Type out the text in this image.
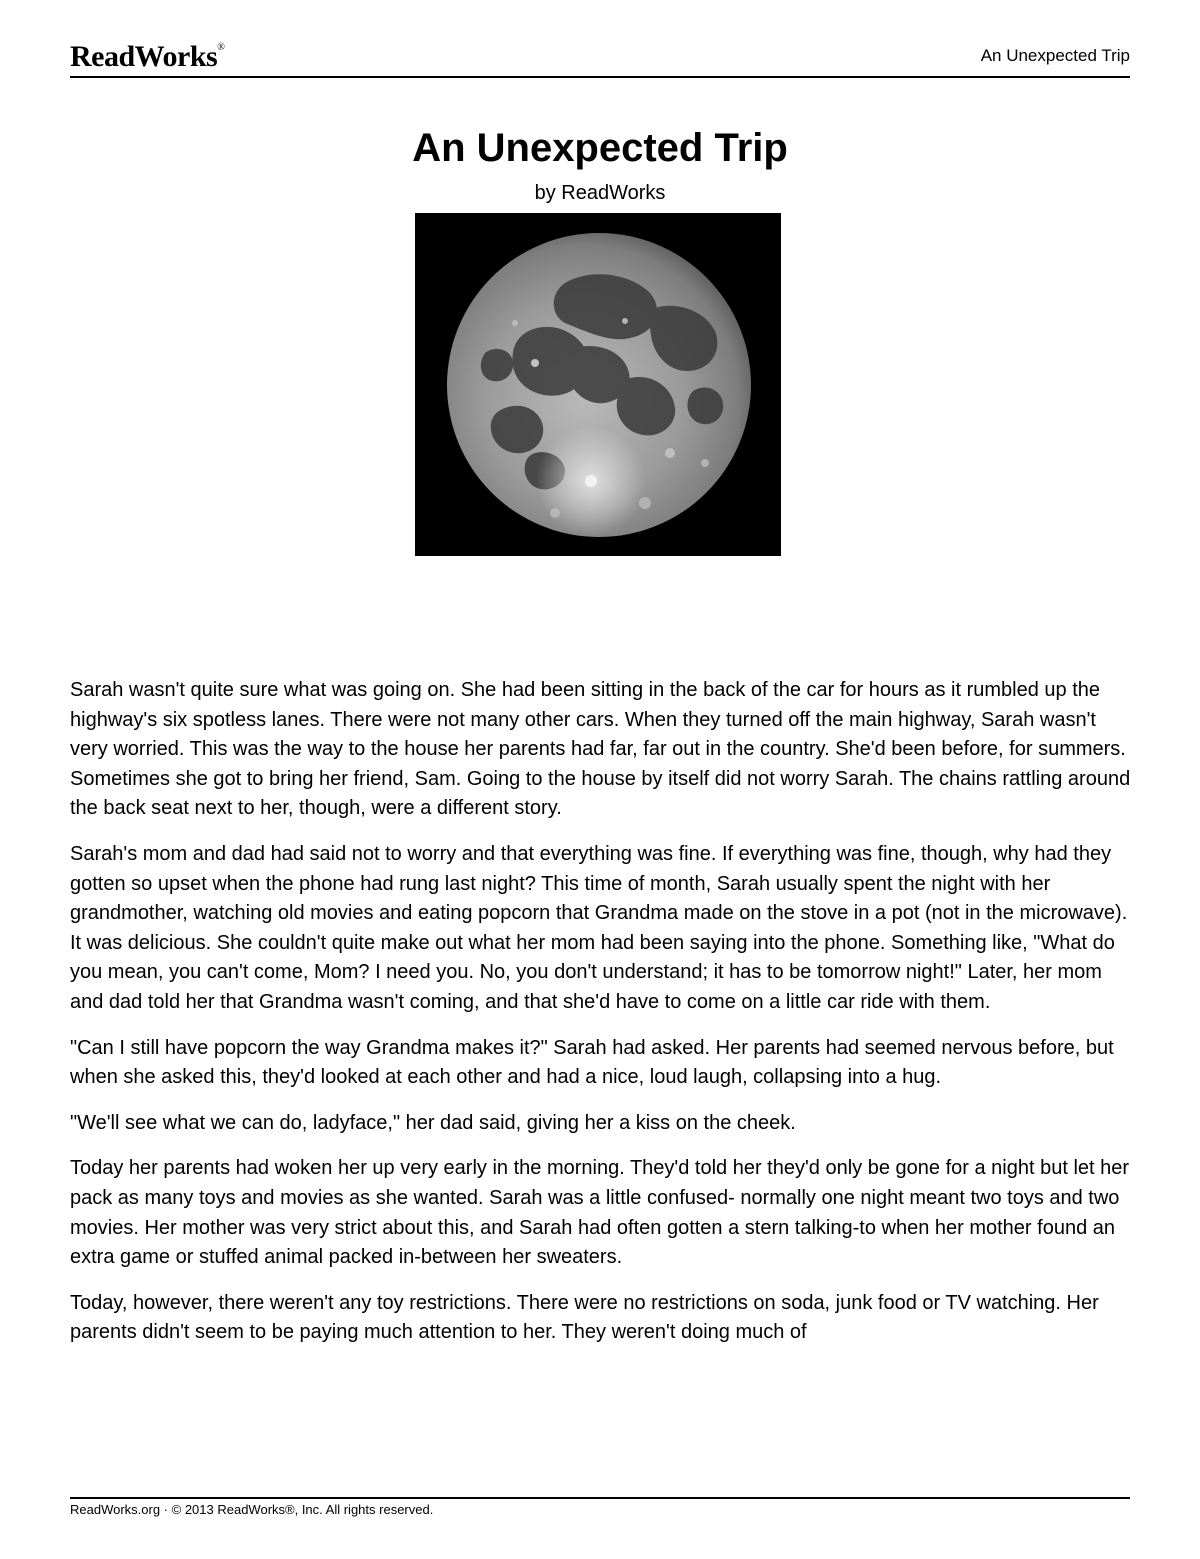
ReadWorks®	An Unexpected Trip
An Unexpected Trip
by ReadWorks

Sarah wasn't quite sure what was going on. She had been sitting in the back of the car for hours as it rumbled up the highway's six spotless lanes. There were not many other cars. When they turned off the main highway, Sarah wasn't very worried. This was the way to the house her parents had far, far out in the country. She'd been before, for summers. Sometimes she got to bring her friend, Sam. Going to the house by itself did not worry Sarah. The chains rattling around the back seat next to her, though, were a different story.

Sarah's mom and dad had said not to worry and that everything was fine. If everything was fine, though, why had they gotten so upset when the phone had rung last night? This time of month, Sarah usually spent the night with her grandmother, watching old movies and eating popcorn that Grandma made on the stove in a pot (not in the microwave). It was delicious. She couldn't quite make out what her mom had been saying into the phone. Something like, "What do you mean, you can't come, Mom? I need you. No, you don't understand; it has to be tomorrow night!" Later, her mom and dad told her that Grandma wasn't coming, and that she'd have to come on a little car ride with them.

"Can I still have popcorn the way Grandma makes it?" Sarah had asked. Her parents had seemed nervous before, but when she asked this, they'd looked at each other and had a nice, loud laugh, collapsing into a hug.

"We'll see what we can do, ladyface," her dad said, giving her a kiss on the cheek.

Today her parents had woken her up very early in the morning. They'd told her they'd only be gone for a night but let her pack as many toys and movies as she wanted. Sarah was a little confused- normally one night meant two toys and two movies. Her mother was very strict about this, and Sarah had often gotten a stern talking-to when her mother found an extra game or stuffed animal packed in-between her sweaters.

Today, however, there weren't any toy restrictions. There were no restrictions on soda, junk food or TV watching. Her parents didn't seem to be paying much attention to her. They weren't doing much of

ReadWorks.org · © 2013 ReadWorks®, Inc. All rights reserved.
